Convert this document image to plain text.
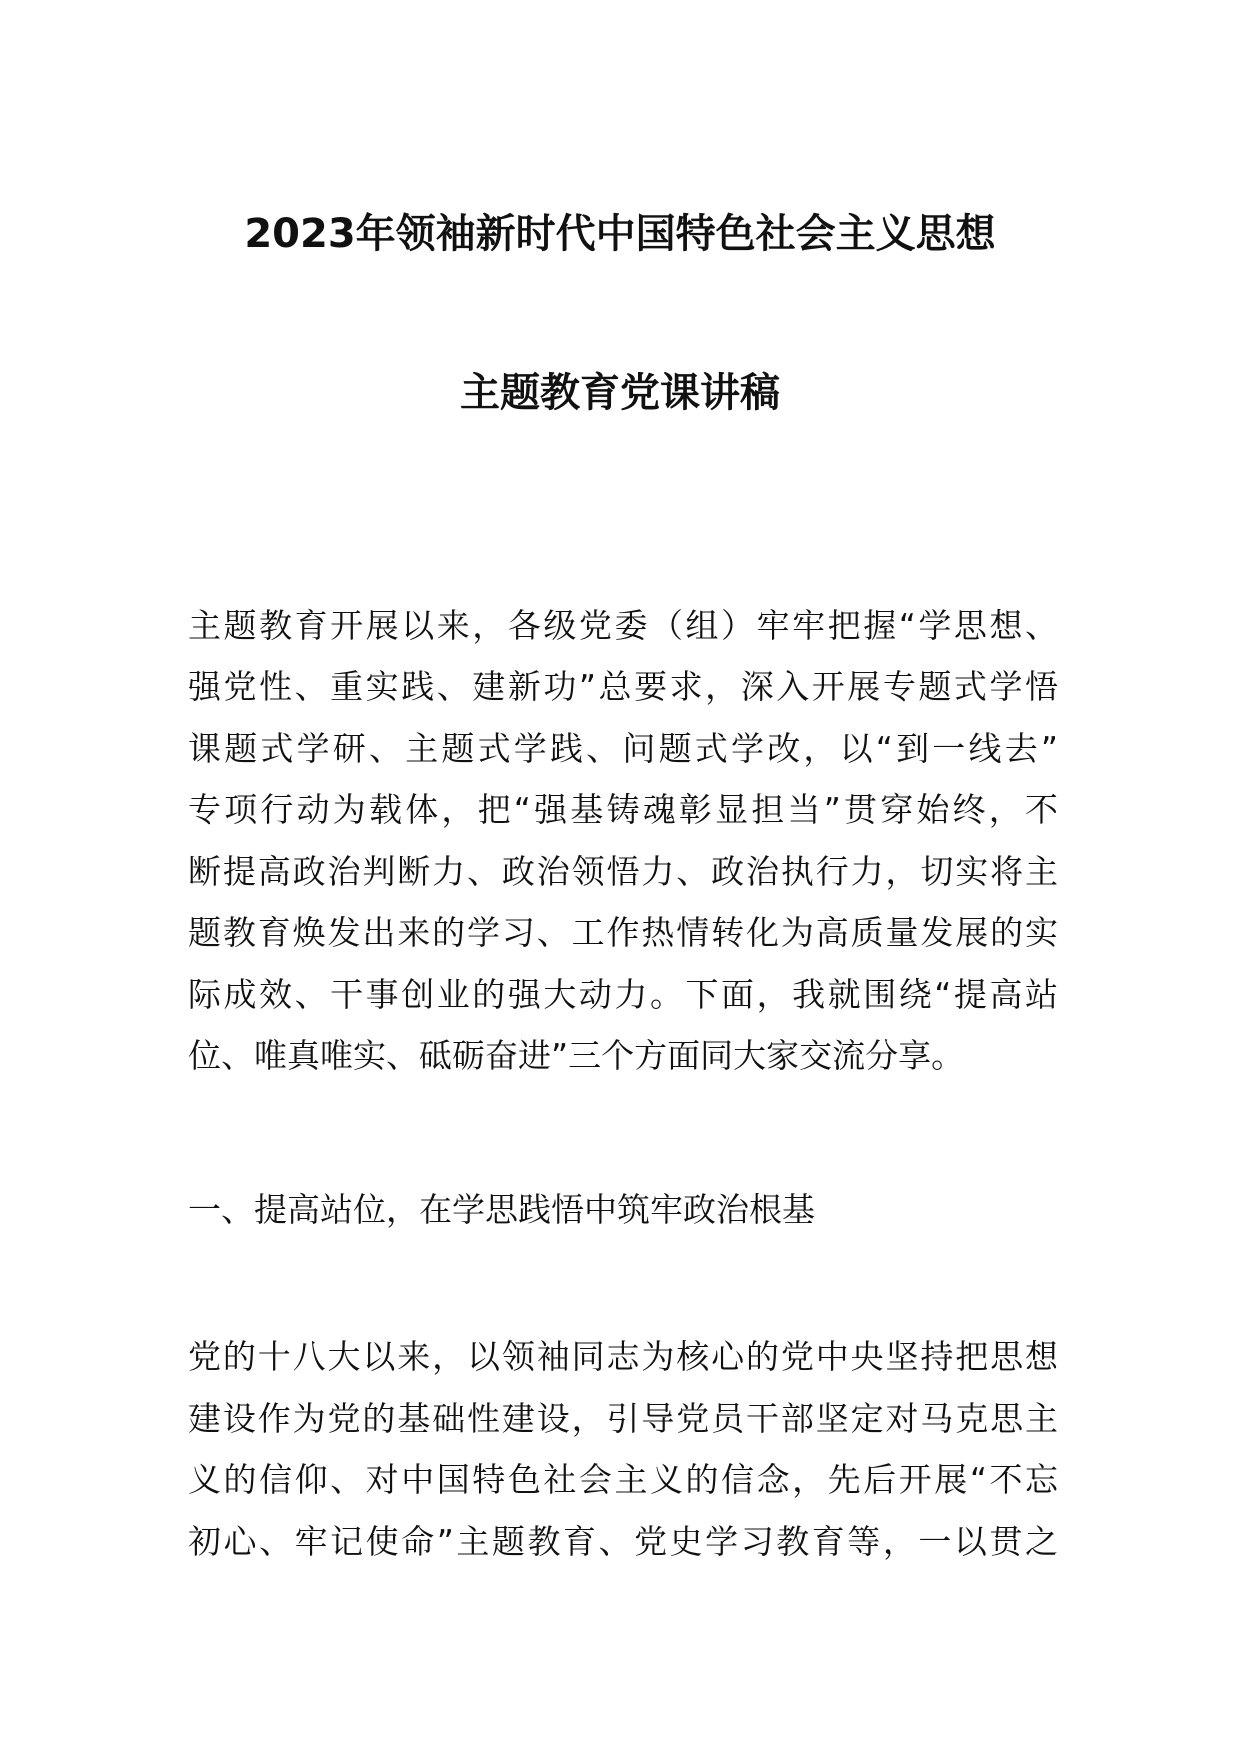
2023年领袖新时代中国特色社会主义思想
主题教育党课讲稿
主题教育开展以来，各级党委（组）牢牢把握“学思想、
强党性、重实践、建新功”总要求，深入开展专题式学悟
课题式学研、主题式学践、问题式学改，以“到一线去”
专项行动为载体，把“强基铸魂彰显担当”贯穿始终，不
断提高政治判断力、政治领悟力、政治执行力，切实将主
题教育焕发出来的学习、工作热情转化为高质量发展的实
际成效、干事创业的强大动力。下面，我就围绕“提高站
位、唯真唯实、砥砺奋进”三个方面同大家交流分享。
一、提高站位，在学思践悟中筑牢政治根基
党的十八大以来，以领袖同志为核心的党中央坚持把思想
建设作为党的基础性建设，引导党员干部坚定对马克思主
义的信仰、对中国特色社会主义的信念，先后开展“不忘
初心、牢记使命”主题教育、党史学习教育等，一以贯之
